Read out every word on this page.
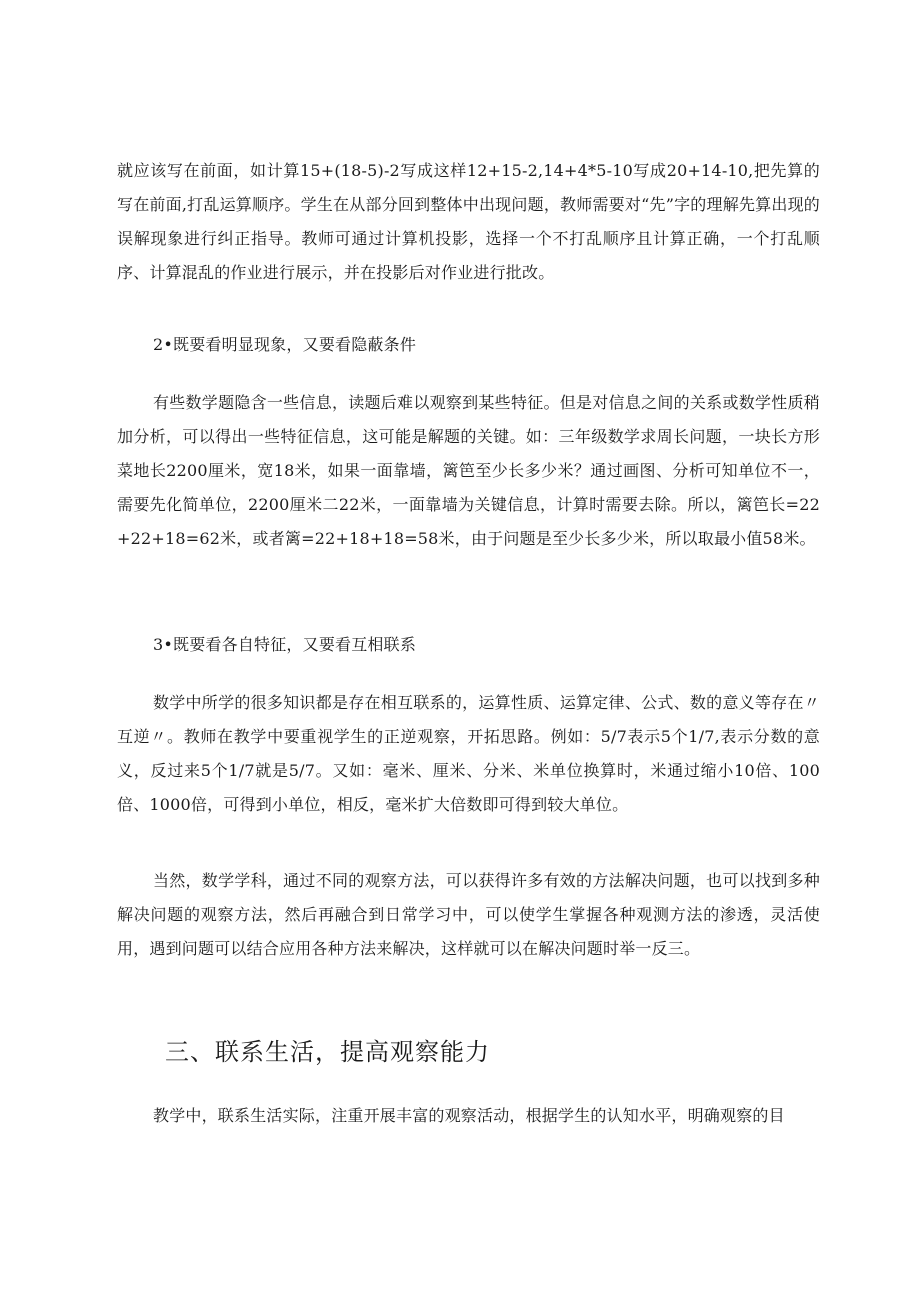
就应该写在前面，如计算15+(18-5)-2写成这样12+15-2,14+4*5-10写成20+14-10,把先算的写在前面,打乱运算顺序。学生在从部分回到整体中出现问题，教师需要对“先”字的理解先算出现的误解现象进行纠正指导。教师可通过计算机投影，选择一个不打乱顺序且计算正确，一个打乱顺序、计算混乱的作业进行展示，并在投影后对作业进行批改。

2•既要看明显现象，又要看隐蔽条件

有些数学题隐含一些信息，读题后难以观察到某些特征。但是对信息之间的关系或数学性质稍加分析，可以得出一些特征信息，这可能是解题的关键。如：三年级数学求周长问题，一块长方形菜地长2200厘米，宽18米，如果一面靠墙，篱笆至少长多少米？通过画图、分析可知单位不一，需要先化简单位，2200厘米二22米，一面靠墙为关键信息，计算时需要去除。所以，篱笆长=22+22+18=62米，或者篱=22+18+18=58米，由于问题是至少长多少米，所以取最小值58米。

3•既要看各自特征，又要看互相联系

数学中所学的很多知识都是存在相互联系的，运算性质、运算定律、公式、数的意义等存在〃互逆〃。教师在教学中要重视学生的正逆观察，开拓思路。例如：5/7表示5个1/7,表示分数的意义，反过来5个1/7就是5/7。又如：毫米、厘米、分米、米单位换算时，米通过缩小10倍、100倍、1000倍，可得到小单位，相反，毫米扩大倍数即可得到较大单位。

当然，数学学科，通过不同的观察方法，可以获得许多有效的方法解决问题，也可以找到多种解决问题的观察方法，然后再融合到日常学习中，可以使学生掌握各种观测方法的渗透，灵活使用，遇到问题可以结合应用各种方法来解决，这样就可以在解决问题时举一反三。

三、联系生活，提高观察能力

教学中，联系生活实际，注重开展丰富的观察活动，根据学生的认知水平，明确观察的目
